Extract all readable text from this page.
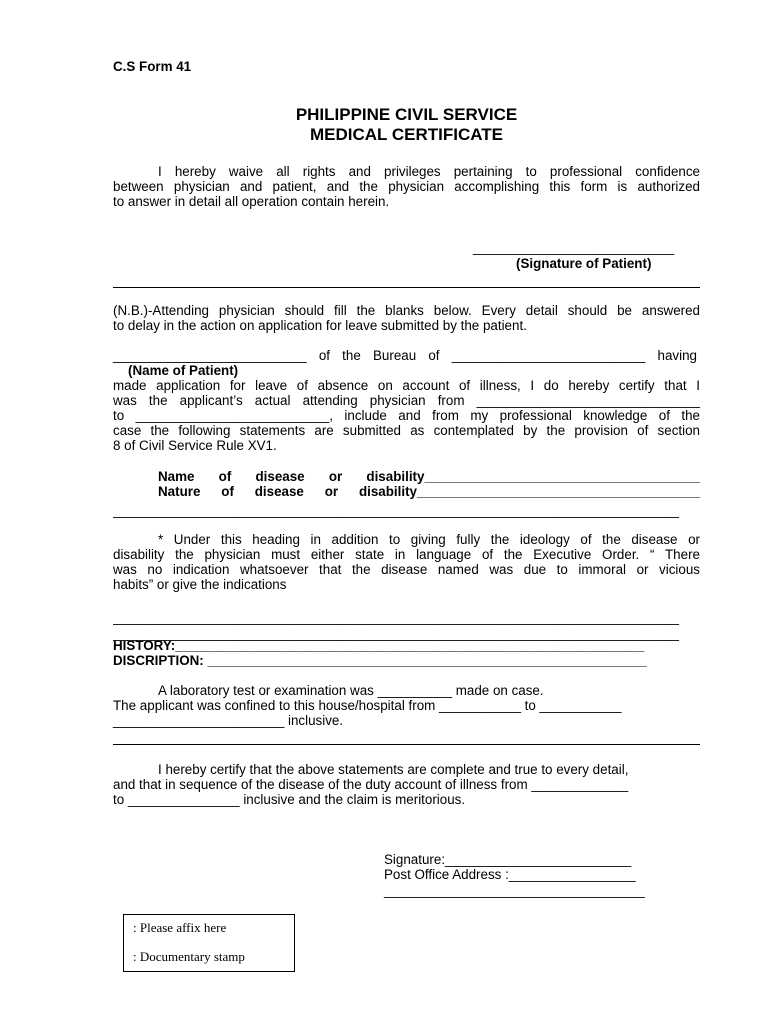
C.S Form 41
PHILIPPINE CIVIL SERVICE
MEDICAL CERTIFICATE
I hereby waive all rights and privileges pertaining to professional confidence
between physician and patient, and the physician accomplishing this form is authorized
to answer in detail all operation contain herein.
___________________________
(Signature of Patient)
(N.B.)-Attending physician should fill the blanks below. Every detail should be answered
to delay in the action on application for leave submitted by the patient.
__________________________ of the Bureau of __________________________ having
(Name of Patient)
made application for leave of absence on account of illness, I do hereby certify that I
was the applicant’s actual attending physician from ______________________________
to __________________________, include and from my professional knowledge of the
case the following statements are submitted as contemplated by the provision of section
8 of Civil Service Rule XV1.
Name of disease or disability_____________________________________
Nature of disease or disability______________________________________
____________________________________________________________________________
* Under this heading in addition to giving fully the ideology of the disease or
disability the physician must either state in language of the Executive Order. “ There
was no indication whatsoever that the disease named was due to immoral or vicious
habits” or give the indications
____________________________________________________________________________
____________________________________________________________________________
HISTORY:_______________________________________________________________
DISCRIPTION: ___________________________________________________________
A laboratory test or examination was __________ made on case.
The applicant was confined to this house/hospital from ___________ to ___________
_______________________ inclusive.
I hereby certify that the above statements are complete and true to every detail,
and that in sequence of the disease of the duty account of illness from _____________
to _______________ inclusive and the claim is meritorious.
Signature:_________________________
Post Office Address :_________________
___________________________________
: Please affix here
: Documentary stamp
